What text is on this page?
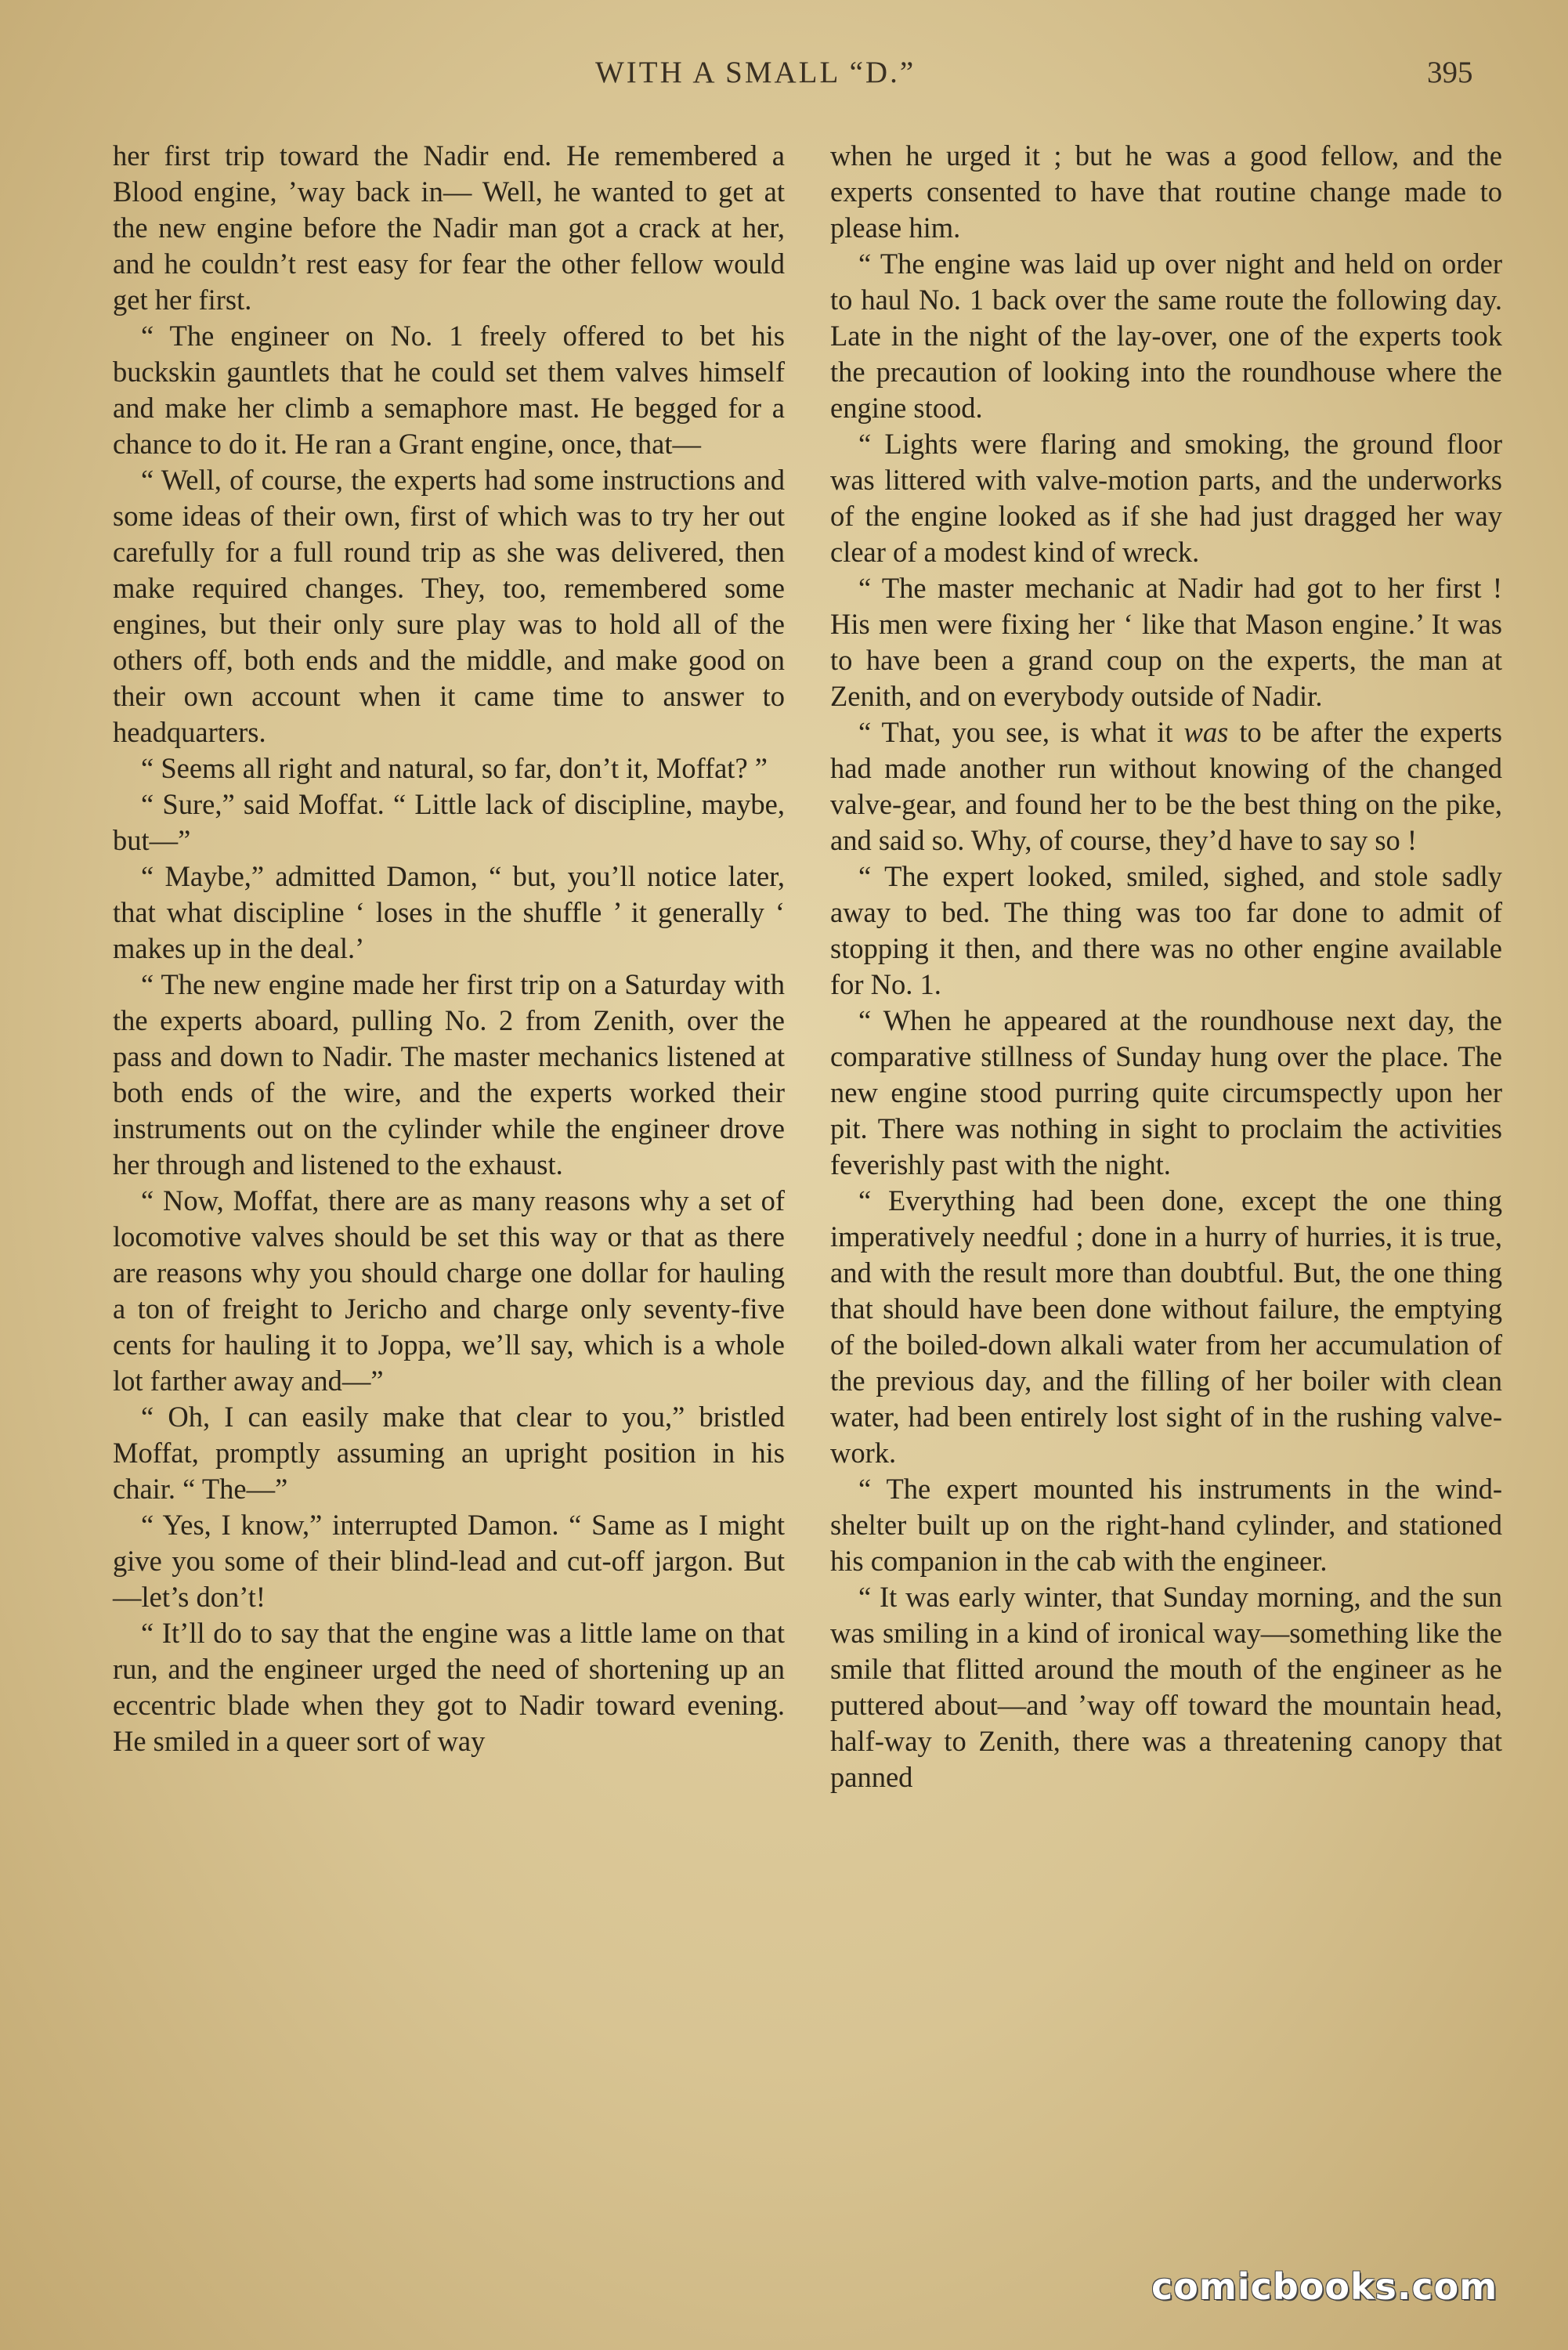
WITH A SMALL “D.”	395

her first trip toward the Nadir end. He remembered a Blood engine, ’way back in— Well, he wanted to get at the new engine before the Nadir man got a crack at her, and he couldn’t rest easy for fear the other fellow would get her first.

“ The engineer on No. 1 freely offered to bet his buckskin gauntlets that he could set them valves himself and make her climb a semaphore mast. He begged for a chance to do it. He ran a Grant engine, once, that—

“ Well, of course, the experts had some instructions and some ideas of their own, first of which was to try her out carefully for a full round trip as she was delivered, then make required changes. They, too, remembered some engines, but their only sure play was to hold all of the others off, both ends and the middle, and make good on their own account when it came time to answer to headquarters.

“ Seems all right and natural, so far, don’t it, Moffat? ”

“ Sure,” said Moffat. “ Little lack of discipline, maybe, but—”

“ Maybe,” admitted Damon, “ but, you’ll notice later, that what discipline ‘ loses in the shuffle ’ it generally ‘ makes up in the deal.’

“ The new engine made her first trip on a Saturday with the experts aboard, pulling No. 2 from Zenith, over the pass and down to Nadir. The master mechanics listened at both ends of the wire, and the experts worked their instruments out on the cylinder while the engineer drove her through and listened to the exhaust.

“ Now, Moffat, there are as many reasons why a set of locomotive valves should be set this way or that as there are reasons why you should charge one dollar for hauling a ton of freight to Jericho and charge only seventy-five cents for hauling it to Joppa, we’ll say, which is a whole lot farther away and—”

“ Oh, I can easily make that clear to you,” bristled Moffat, promptly assuming an upright position in his chair. “ The—”

“ Yes, I know,” interrupted Damon. “ Same as I might give you some of their blind-lead and cut-off jargon. But—let’s don’t!

“ It’ll do to say that the engine was a little lame on that run, and the engineer urged the need of shortening up an eccentric blade when they got to Nadir toward evening. He smiled in a queer sort of way

when he urged it ; but he was a good fellow, and the experts consented to have that routine change made to please him.

“ The engine was laid up over night and held on order to haul No. 1 back over the same route the following day. Late in the night of the lay-over, one of the experts took the precaution of looking into the roundhouse where the engine stood.

“ Lights were flaring and smoking, the ground floor was littered with valve-motion parts, and the underworks of the engine looked as if she had just dragged her way clear of a modest kind of wreck.

“ The master mechanic at Nadir had got to her first ! His men were fixing her ‘ like that Mason engine.’ It was to have been a grand coup on the experts, the man at Zenith, and on everybody outside of Nadir.

“ That, you see, is what it was to be after the experts had made another run without knowing of the changed valve-gear, and found her to be the best thing on the pike, and said so. Why, of course, they’d have to say so !

“ The expert looked, smiled, sighed, and stole sadly away to bed. The thing was too far done to admit of stopping it then, and there was no other engine available for No. 1.

“ When he appeared at the roundhouse next day, the comparative stillness of Sunday hung over the place. The new engine stood purring quite circumspectly upon her pit. There was nothing in sight to proclaim the activities feverishly past with the night.

“ Everything had been done, except the one thing imperatively needful ; done in a hurry of hurries, it is true, and with the result more than doubtful. But, the one thing that should have been done without failure, the emptying of the boiled-down alkali water from her accumulation of the previous day, and the filling of her boiler with clean water, had been entirely lost sight of in the rushing valve-work.

“ The expert mounted his instruments in the wind-shelter built up on the right-hand cylinder, and stationed his companion in the cab with the engineer.

“ It was early winter, that Sunday morning, and the sun was smiling in a kind of ironical way—something like the smile that flitted around the mouth of the engineer as he puttered about—and ’way off toward the mountain head, half-way to Zenith, there was a threatening canopy that panned

comicbooks.com
